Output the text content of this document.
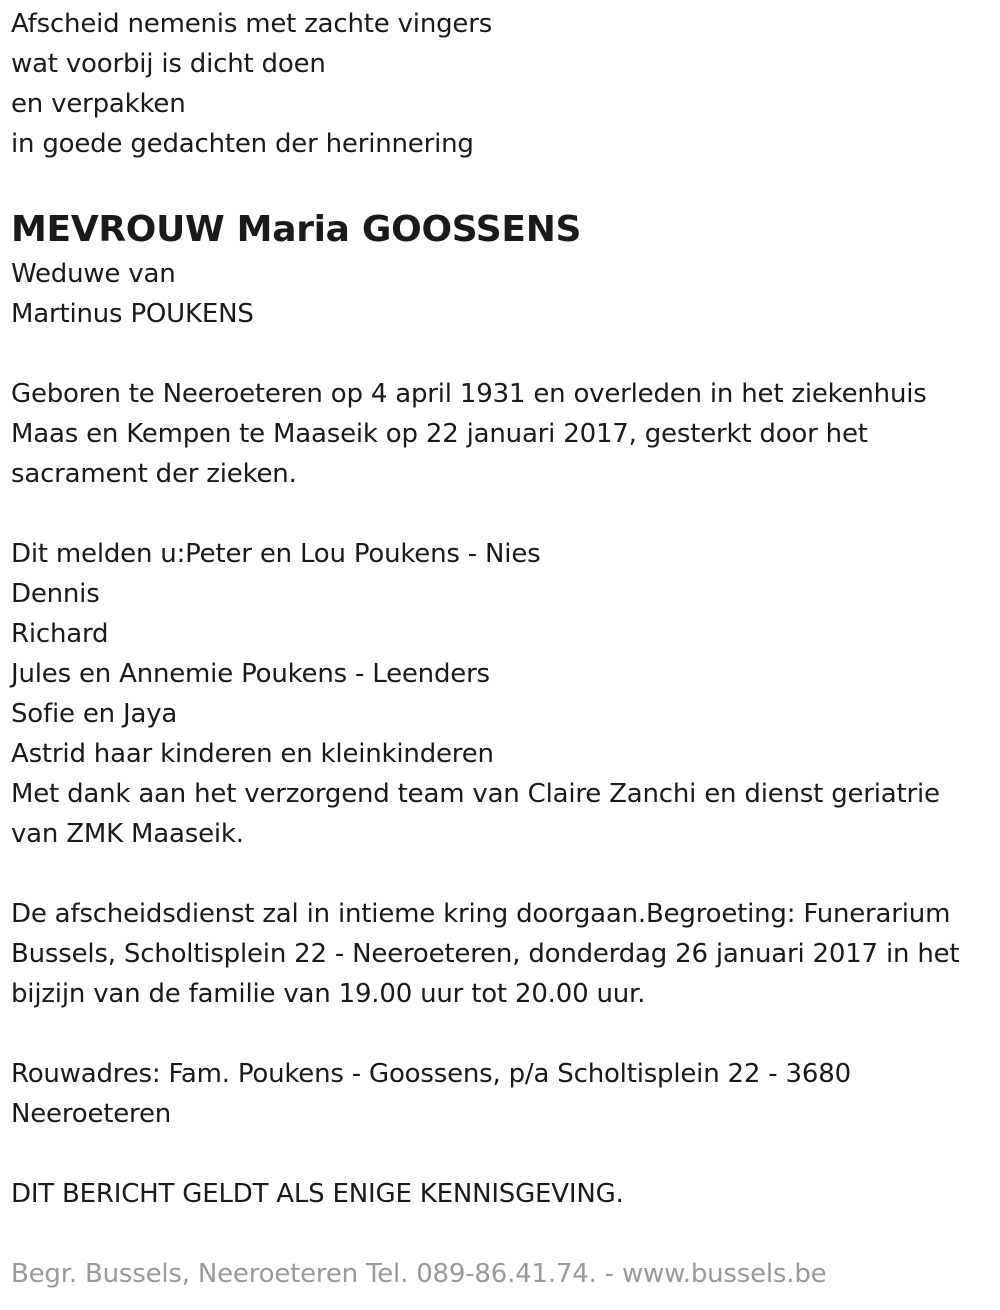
Afscheid nemenis met zachte vingers
wat voorbij is dicht doen
en verpakken
in goede gedachten der herinnering
MEVROUW Maria GOOSSENS
Weduwe van
Martinus POUKENS
Geboren te Neeroeteren op 4 april 1931 en overleden in het ziekenhuis
Maas en Kempen te Maaseik op 22 januari 2017, gesterkt door het
sacrament der zieken.
Dit melden u:Peter en Lou Poukens - Nies
Dennis
Richard
Jules en Annemie Poukens - Leenders
Sofie en Jaya
Astrid haar kinderen en kleinkinderen
Met dank aan het verzorgend team van Claire Zanchi en dienst geriatrie
van ZMK Maaseik.
De afscheidsdienst zal in intieme kring doorgaan.Begroeting: Funerarium
Bussels, Scholtisplein 22 - Neeroeteren, donderdag 26 januari 2017 in het
bijzijn van de familie van 19.00 uur tot 20.00 uur.
Rouwadres: Fam. Poukens - Goossens, p/a Scholtisplein 22 - 3680
Neeroeteren
DIT BERICHT GELDT ALS ENIGE KENNISGEVING.
Begr. Bussels, Neeroeteren Tel. 089-86.41.74. - www.bussels.be
